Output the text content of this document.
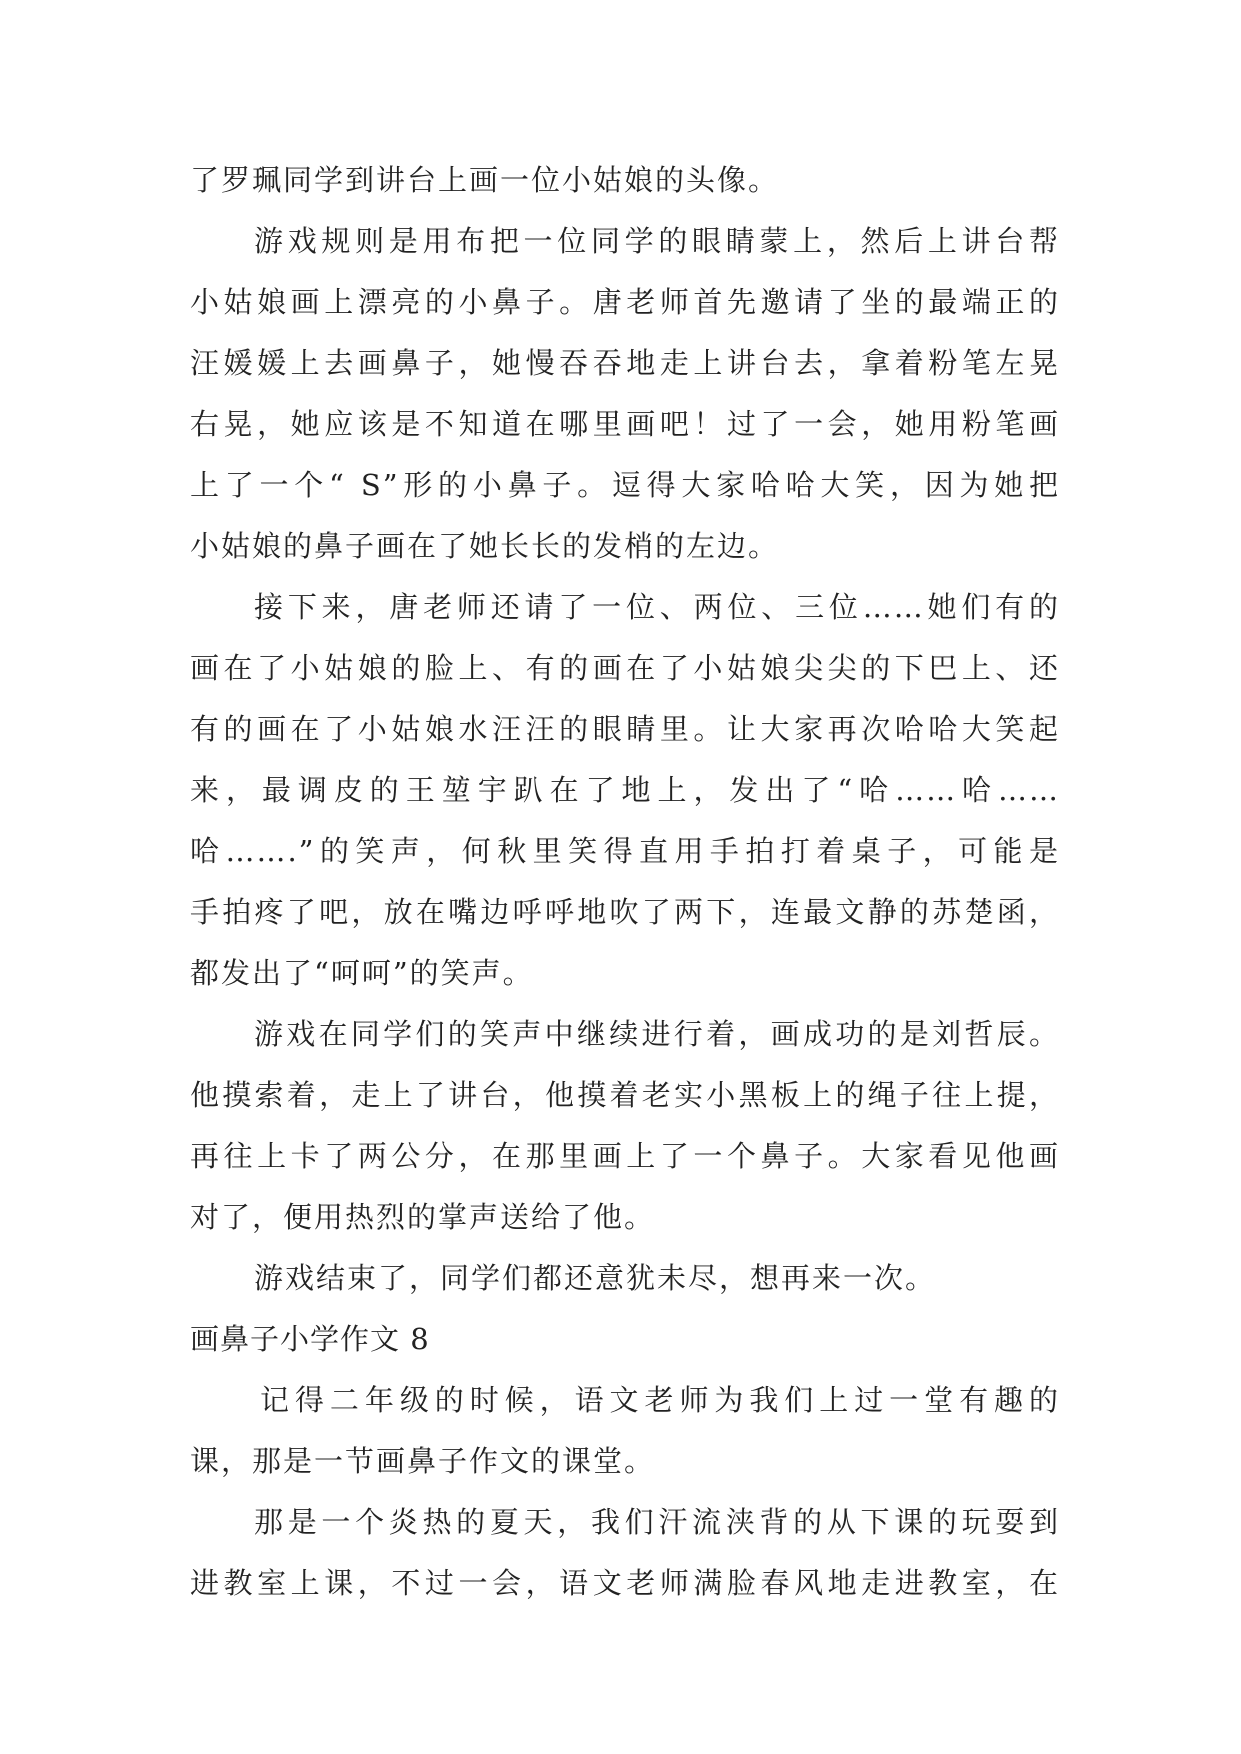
了罗珮同学到讲台上画一位小姑娘的头像。
游戏规则是用布把一位同学的眼睛蒙上，然后上讲台帮
小姑娘画上漂亮的小鼻子。唐老师首先邀请了坐的最端正的
汪媛媛上去画鼻子，她慢吞吞地走上讲台去，拿着粉笔左晃
右晃，她应该是不知道在哪里画吧！过了一会，她用粉笔画
上了一个“ S”形的小鼻子。逗得大家哈哈大笑，因为她把
小姑娘的鼻子画在了她长长的发梢的左边。
接下来，唐老师还请了一位、两位、三位……她们有的
画在了小姑娘的脸上、有的画在了小姑娘尖尖的下巴上、还
有的画在了小姑娘水汪汪的眼睛里。让大家再次哈哈大笑起
来，最调皮的王堃宇趴在了地上，发出了“哈……哈……
哈…….”的笑声，何秋里笑得直用手拍打着桌子，可能是
手拍疼了吧，放在嘴边呼呼地吹了两下，连最文静的苏楚函，
都发出了“呵呵”的笑声。
游戏在同学们的笑声中继续进行着，画成功的是刘哲辰。
他摸索着，走上了讲台，他摸着老实小黑板上的绳子往上提，
再往上卡了两公分，在那里画上了一个鼻子。大家看见他画
对了，便用热烈的掌声送给了他。
游戏结束了，同学们都还意犹未尽，想再来一次。
画鼻子小学作文 8
记得二年级的时候，语文老师为我们上过一堂有趣的
课，那是一节画鼻子作文的课堂。
那是一个炎热的夏天，我们汗流浃背的从下课的玩耍到
进教室上课，不过一会，语文老师满脸春风地走进教室，在
